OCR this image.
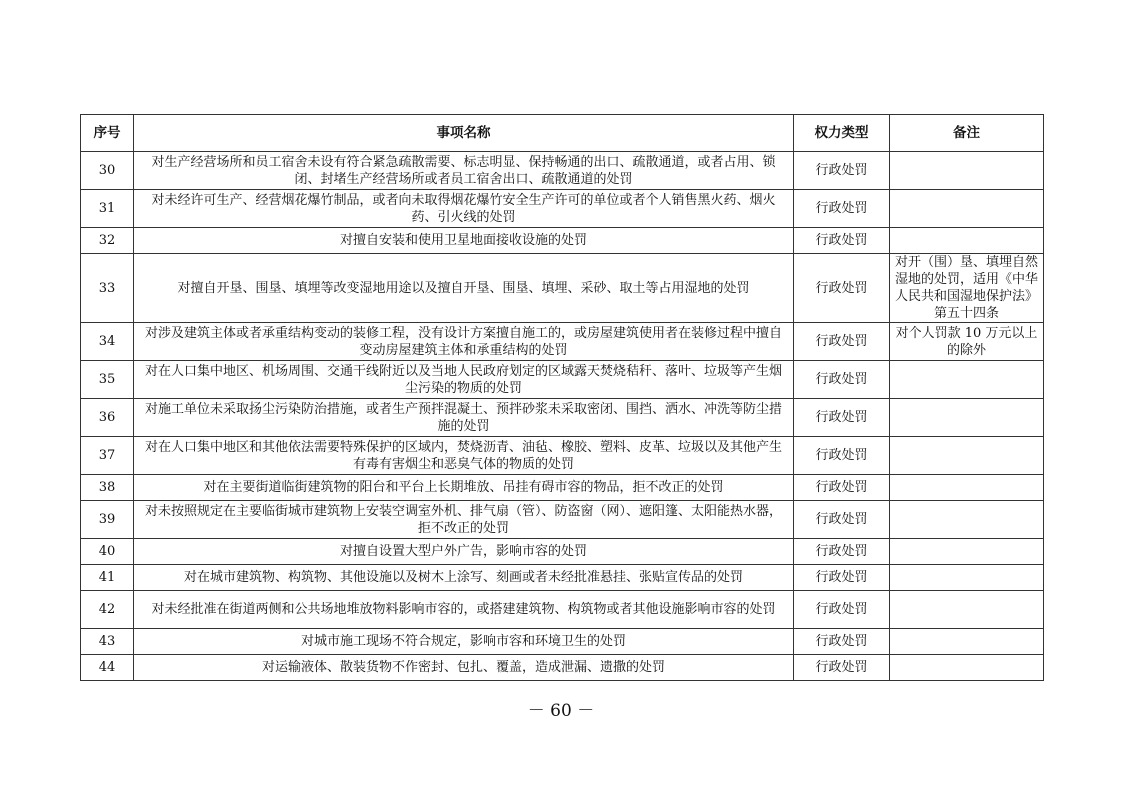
序号	事项名称	权力类型	备注
30	对生产经营场所和员工宿舍未设有符合紧急疏散需要、标志明显、保持畅通的出口、疏散通道，或者占用、锁闭、封堵生产经营场所或者员工宿舍出口、疏散通道的处罚	行政处罚	
31	对未经许可生产、经营烟花爆竹制品，或者向未取得烟花爆竹安全生产许可的单位或者个人销售黑火药、烟火药、引火线的处罚	行政处罚	
32	对擅自安装和使用卫星地面接收设施的处罚	行政处罚	
33	对擅自开垦、围垦、填埋等改变湿地用途以及擅自开垦、围垦、填埋、采砂、取土等占用湿地的处罚	行政处罚	对开（围）垦、填埋自然湿地的处罚，适用《中华人民共和国湿地保护法》第五十四条
34	对涉及建筑主体或者承重结构变动的装修工程，没有设计方案擅自施工的，或房屋建筑使用者在装修过程中擅自变动房屋建筑主体和承重结构的处罚	行政处罚	对个人罚款 10 万元以上的除外
35	对在人口集中地区、机场周围、交通干线附近以及当地人民政府划定的区域露天焚烧秸秆、落叶、垃圾等产生烟尘污染的物质的处罚	行政处罚	
36	对施工单位未采取扬尘污染防治措施，或者生产预拌混凝土、预拌砂浆未采取密闭、围挡、洒水、冲洗等防尘措施的处罚	行政处罚	
37	对在人口集中地区和其他依法需要特殊保护的区域内，焚烧沥青、油毡、橡胶、塑料、皮革、垃圾以及其他产生有毒有害烟尘和恶臭气体的物质的处罚	行政处罚	
38	对在主要街道临街建筑物的阳台和平台上长期堆放、吊挂有碍市容的物品，拒不改正的处罚	行政处罚	
39	对未按照规定在主要临街城市建筑物上安装空调室外机、排气扇（管）、防盗窗（网）、遮阳篷、太阳能热水器，拒不改正的处罚	行政处罚	
40	对擅自设置大型户外广告，影响市容的处罚	行政处罚	
41	对在城市建筑物、构筑物、其他设施以及树木上涂写、刻画或者未经批准悬挂、张贴宣传品的处罚	行政处罚	
42	对未经批准在街道两侧和公共场地堆放物料影响市容的，或搭建建筑物、构筑物或者其他设施影响市容的处罚	行政处罚	
43	对城市施工现场不符合规定，影响市容和环境卫生的处罚	行政处罚	
44	对运输液体、散装货物不作密封、包扎、覆盖，造成泄漏、遗撒的处罚	行政处罚	
－ 60 －
